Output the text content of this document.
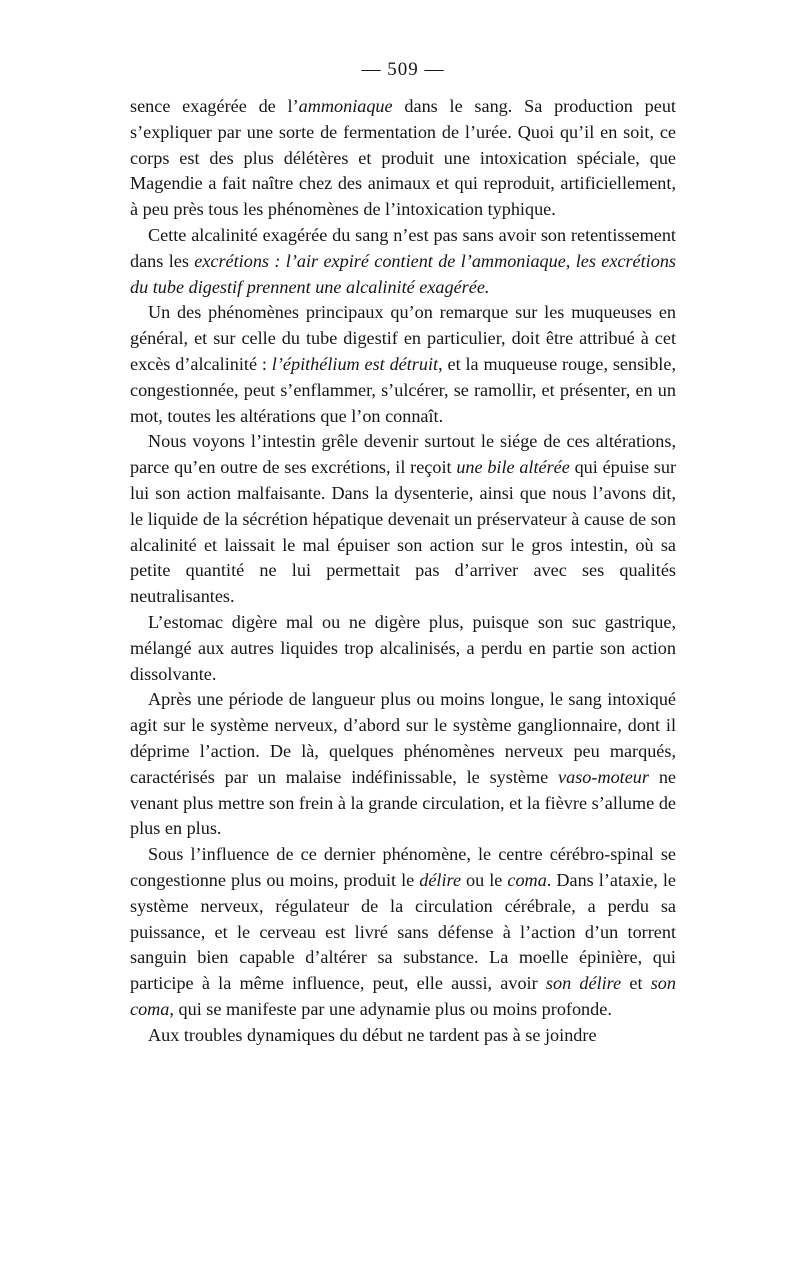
— 509 —

sence exagérée de l’ammoniaque dans le sang. Sa production peut s’expliquer par une sorte de fermentation de l’urée. Quoi qu’il en soit, ce corps est des plus délétères et produit une intoxication spéciale, que Magendie a fait naître chez des animaux et qui reproduit, artificiellement, à peu près tous les phénomènes de l’intoxication typhique.

Cette alcalinité exagérée du sang n’est pas sans avoir son retentissement dans les excrétions : l’air expiré contient de l’ammoniaque, les excrétions du tube digestif prennent une alcalinité exagérée.

Un des phénomènes principaux qu’on remarque sur les muqueuses en général, et sur celle du tube digestif en particulier, doit être attribué à cet excès d’alcalinité : l’épithélium est détruit, et la muqueuse rouge, sensible, congestionnée, peut s’enflammer, s’ulcérer, se ramollir, et présenter, en un mot, toutes les altérations que l’on connaît.

Nous voyons l’intestin grêle devenir surtout le siége de ces altérations, parce qu’en outre de ses excrétions, il reçoit une bile altérée qui épuise sur lui son action malfaisante. Dans la dysenterie, ainsi que nous l’avons dit, le liquide de la sécrétion hépatique devenait un préservateur à cause de son alcalinité et laissait le mal épuiser son action sur le gros intestin, où sa petite quantité ne lui permettait pas d’arriver avec ses qualités neutralisantes.

L’estomac digère mal ou ne digère plus, puisque son suc gastrique, mélangé aux autres liquides trop alcalinisés, a perdu en partie son action dissolvante.

Après une période de langueur plus ou moins longue, le sang intoxiqué agit sur le système nerveux, d’abord sur le système ganglionnaire, dont il déprime l’action. De là, quelques phénomènes nerveux peu marqués, caractérisés par un malaise indéfinissable, le système vaso-moteur ne venant plus mettre son frein à la grande circulation, et la fièvre s’allume de plus en plus.

Sous l’influence de ce dernier phénomène, le centre cérébro-spinal se congestionne plus ou moins, produit le délire ou le coma. Dans l’ataxie, le système nerveux, régulateur de la circulation cérébrale, a perdu sa puissance, et le cerveau est livré sans défense à l’action d’un torrent sanguin bien capable d’altérer sa substance. La moelle épinière, qui participe à la même influence, peut, elle aussi, avoir son délire et son coma, qui se manifeste par une adynamie plus ou moins profonde.

Aux troubles dynamiques du début ne tardent pas à se joindre
